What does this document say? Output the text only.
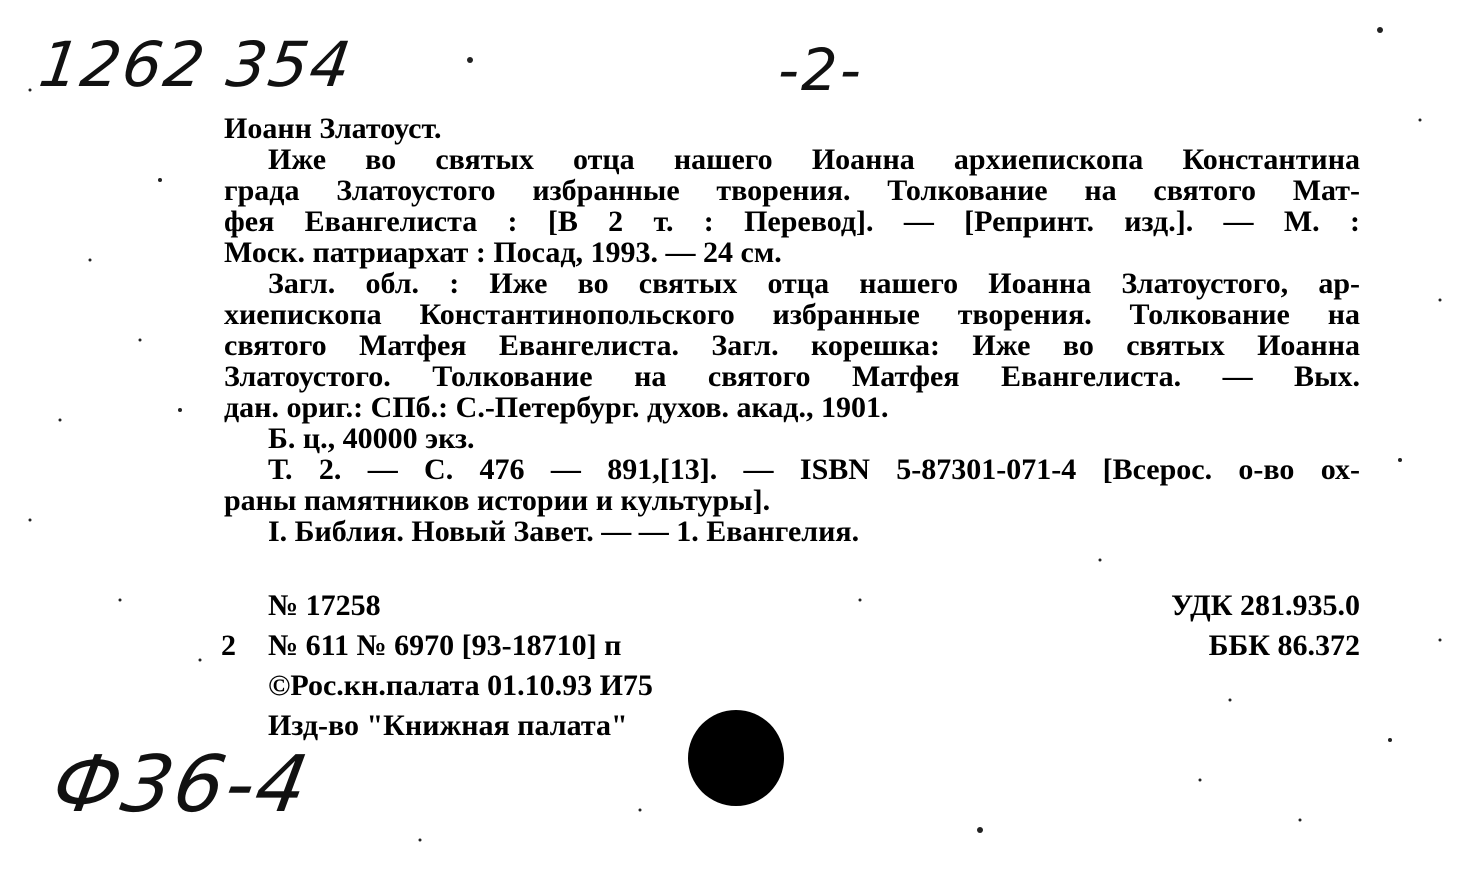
1262 354	-2-

Иоанн Златоуст.

Иже во святых отца нашего Иоанна архиепископа Константина

града Златоустого избранные творения. Толкование на святого Мат-

фея Евангелиста : [В 2 т. : Перевод]. — [Репринт. изд.]. — М. :

Моск. патриархат : Посад, 1993. — 24 см.

Загл. обл. : Иже во святых отца нашего Иоанна Златоустого, ар-

хиепископа Константинопольского избранные творения. Толкование на

святого Матфея Евангелиста. Загл. корешка: Иже во святых Иоанна

Златоустого. Толкование на святого Матфея Евангелиста. — Вых.

дан. ориг.: СПб.: С.-Петербург. духов. акад., 1901.

Б. ц., 40000 экз.

Т. 2. — С. 476 — 891,[13]. — ISBN 5-87301-071-4 [Всерос. о-во ох-

раны памятников истории и культуры].

I. Библия. Новый Завет. — — 1. Евангелия.

№ 17258
2 № 611 № 6970 [93-18710] п
©Рос.кн.палата 01.10.93 И75
Изд-во "Книжная палата"
УДК 281.935.0
ББК 86.372
Ф36-4
